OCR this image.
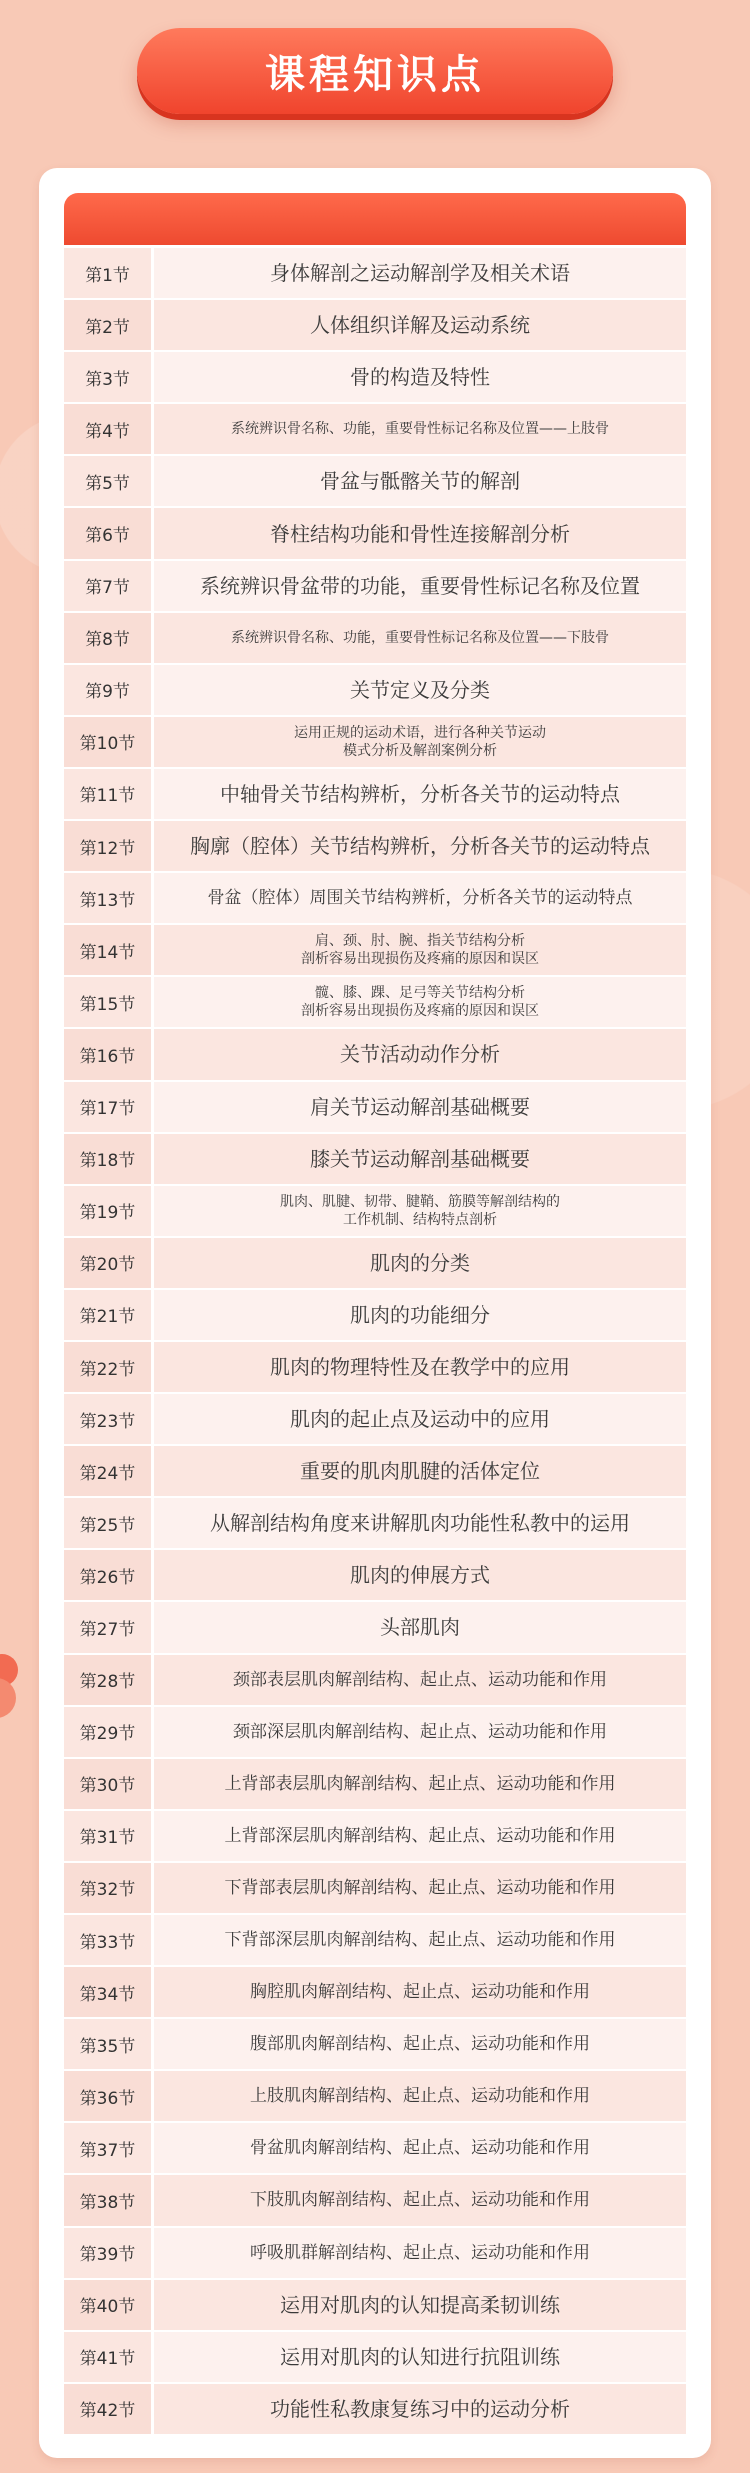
课程知识点
第1节	身体解剖之运动解剖学及相关术语
第2节	人体组织详解及运动系统
第3节	骨的构造及特性
第4节	系统辨识骨名称、功能，重要骨性标记名称及位置——上肢骨
第5节	骨盆与骶髂关节的解剖
第6节	脊柱结构功能和骨性连接解剖分析
第7节	系统辨识骨盆带的功能，重要骨性标记名称及位置
第8节	系统辨识骨名称、功能，重要骨性标记名称及位置——下肢骨
第9节	关节定义及分类
第10节
运用正规的运动术语，进行各种关节运动
模式分析及解剖案例分析
第11节	中轴骨关节结构辨析，分析各关节的运动特点
第12节	胸廓（腔体）关节结构辨析，分析各关节的运动特点
第13节	骨盆（腔体）周围关节结构辨析，分析各关节的运动特点
第14节
肩、颈、肘、腕、指关节结构分析
剖析容易出现损伤及疼痛的原因和误区
第15节
髋、膝、踝、足弓等关节结构分析
剖析容易出现损伤及疼痛的原因和误区
第16节	关节活动动作分析
第17节	肩关节运动解剖基础概要
第18节	膝关节运动解剖基础概要
第19节
肌肉、肌腱、韧带、腱鞘、筋膜等解剖结构的
工作机制、结构特点剖析
第20节	肌肉的分类
第21节	肌肉的功能细分
第22节	肌肉的物理特性及在教学中的应用
第23节	肌肉的起止点及运动中的应用
第24节	重要的肌肉肌腱的活体定位
第25节	从解剖结构角度来讲解肌肉功能性私教中的运用
第26节	肌肉的伸展方式
第27节	头部肌肉
第28节	颈部表层肌肉解剖结构、起止点、运动功能和作用
第29节	颈部深层肌肉解剖结构、起止点、运动功能和作用
第30节	上背部表层肌肉解剖结构、起止点、运动功能和作用
第31节	上背部深层肌肉解剖结构、起止点、运动功能和作用
第32节	下背部表层肌肉解剖结构、起止点、运动功能和作用
第33节	下背部深层肌肉解剖结构、起止点、运动功能和作用
第34节	胸腔肌肉解剖结构、起止点、运动功能和作用
第35节	腹部肌肉解剖结构、起止点、运动功能和作用
第36节	上肢肌肉解剖结构、起止点、运动功能和作用
第37节	骨盆肌肉解剖结构、起止点、运动功能和作用
第38节	下肢肌肉解剖结构、起止点、运动功能和作用
第39节	呼吸肌群解剖结构、起止点、运动功能和作用
第40节	运用对肌肉的认知提高柔韧训练
第41节	运用对肌肉的认知进行抗阻训练
第42节	功能性私教康复练习中的运动分析
